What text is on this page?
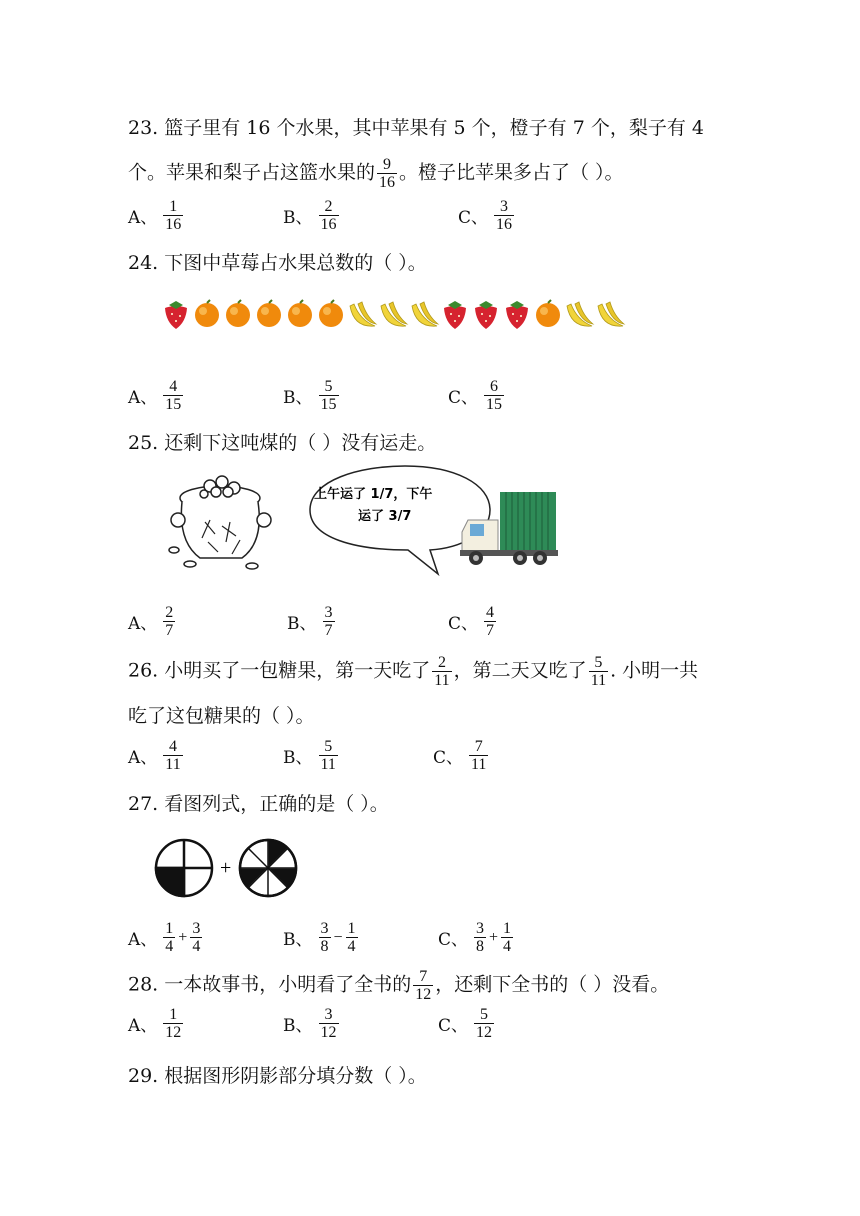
23. 篮子里有 16 个水果，其中苹果有 5 个，橙子有 7 个，梨子有 4
个。苹果和梨子占这篮水果的 $\frac{9}{16}$ 。橙子比苹果多占了（ ）。
A、 $\frac{1}{16}$	B、 $\frac{2}{16}$	C、 $\frac{3}{16}$
24. 下图中草莓占水果总数的（ ）。
A、 $\frac{4}{15}$	B、 $\frac{5}{15}$	C、 $\frac{6}{15}$
25. 还剩下这吨煤的（ ）没有运走。
上午运了 1/7，下午
运了 3/7
A、 $\frac{2}{7}$	B、 $\frac{3}{7}$	C、 $\frac{4}{7}$
26. 小明买了一包糖果，第一天吃了 $\frac{2}{11}$ ，第二天又吃了 $\frac{5}{11}$ . 小明一共
吃了这包糖果的（ ）。
A、 $\frac{4}{11}$	B、 $\frac{5}{11}$	C、 $\frac{7}{11}$
27. 看图列式，正确的是（ ）。
+
A、 $\frac{1}{4} + \frac{3}{4}$	B、 $\frac{3}{8} - \frac{1}{4}$	C、 $\frac{3}{8} + \frac{1}{4}$
28. 一本故事书，小明看了全书的 $\frac{7}{12}$ ，还剩下全书的（ ）没看。
A、 $\frac{1}{12}$	B、 $\frac{3}{12}$	C、 $\frac{5}{12}$
29. 根据图形阴影部分填分数（ ）。
